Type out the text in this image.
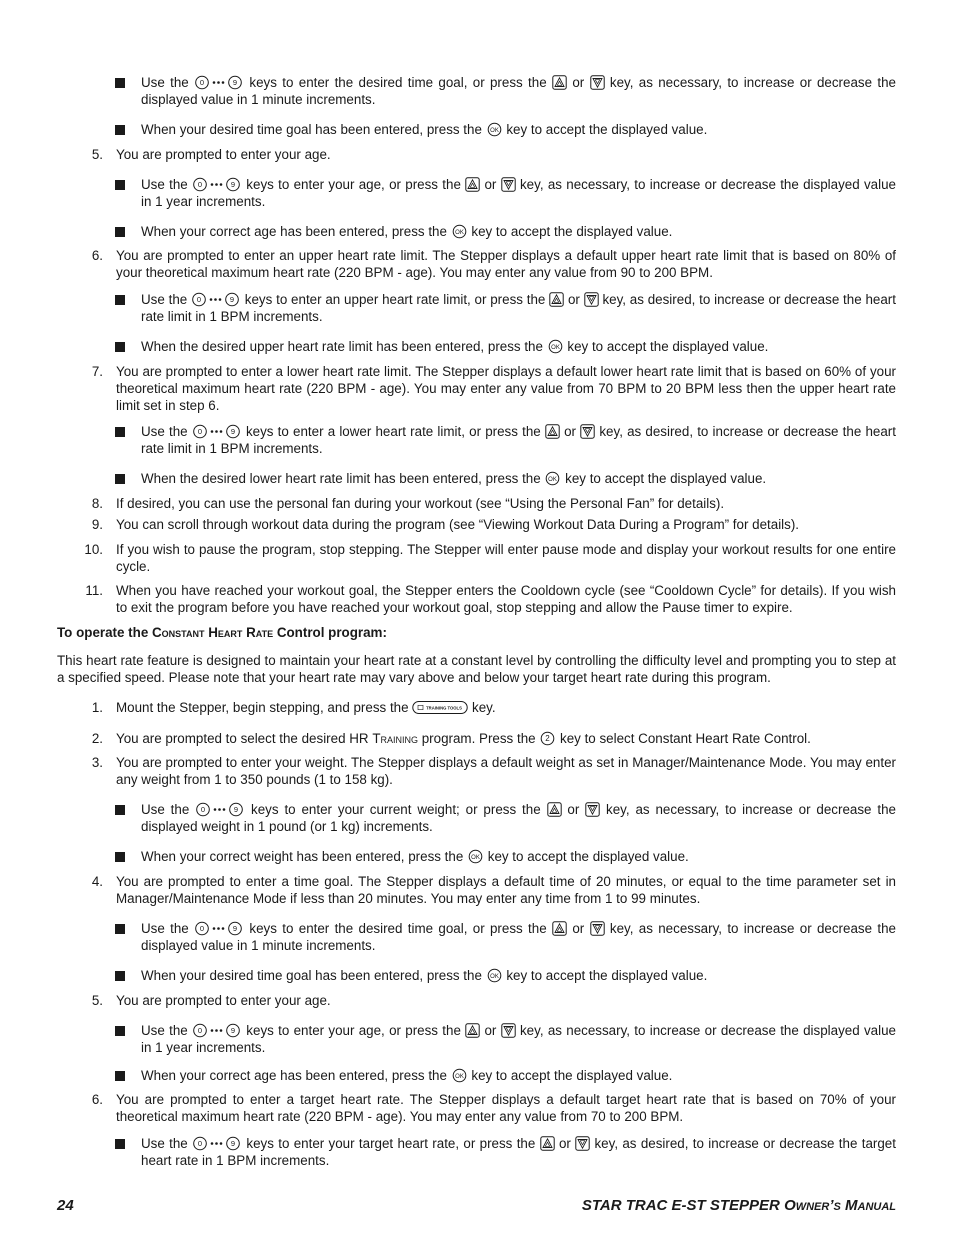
Use the 0	9 keys to enter the desired time goal, or press the  or  key, as necessary, to increase or decrease the displayed value in 1 minute increments.
When your desired time goal has been entered, press the OK key to accept the displayed value.
5. You are prompted to enter your age.
Use the 0	9 keys to enter your age, or press the  or  key, as necessary, to increase or decrease the displayed value in 1 year increments.
When your correct age has been entered, press the OK key to accept the displayed value.
6. You are prompted to enter an upper heart rate limit. The Stepper displays a default upper heart rate limit that is based on 80% of your theoretical maximum heart rate (220 BPM - age). You may enter any value from 90 to 200 BPM.
Use the 0	9 keys to enter an upper heart rate limit, or press the  or  key, as desired, to increase or decrease the heart rate limit in 1 BPM increments.
When the desired upper heart rate limit has been entered, press the OK key to accept the displayed value.
7. You are prompted to enter a lower heart rate limit. The Stepper displays a default lower heart rate limit that is based on 60% of your theoretical maximum heart rate (220 BPM - age). You may enter any value from 70 BPM to 20 BPM less then the upper heart rate limit set in step 6.
Use the 0	9 keys to enter a lower heart rate limit, or press the  or  key, as desired, to increase or decrease the heart rate limit in 1 BPM increments.
When the desired lower heart rate limit has been entered, press the OK key to accept the displayed value.
8. If desired, you can use the personal fan during your workout (see “Using the Personal Fan” for details).
9. You can scroll through workout data during the program (see “Viewing Workout Data During a Program” for details).
10. If you wish to pause the program, stop stepping. The Stepper will enter pause mode and display your workout results for one entire cycle.
11. When you have reached your workout goal, the Stepper enters the Cooldown cycle (see “Cooldown Cycle” for details). If you wish to exit the program before you have reached your workout goal, stop stepping and allow the Pause timer to expire.
To operate the Constant Heart Rate Control program:
This heart rate feature is designed to maintain your heart rate at a constant level by controlling the difficulty level and prompting you to step at a specified speed. Please note that your heart rate may vary above and below your target heart rate during this program.
1. Mount the Stepper, begin stepping, and press the	TRAINING TOOLS key.
2. You are prompted to select the desired HR Training program. Press the 2 key to select Constant Heart Rate Control.
3. You are prompted to enter your weight. The Stepper displays a default weight as set in Manager/Maintenance Mode. You may enter any weight from 1 to 350 pounds (1 to 158 kg).
Use the 0	9 keys to enter your current weight; or press the  or  key, as necessary, to increase or decrease the displayed weight in 1 pound (or 1 kg) increments.
When your correct weight has been entered, press the OK key to accept the displayed value.
4. You are prompted to enter a time goal. The Stepper displays a default time of 20 minutes, or equal to the time parameter set in Manager/Maintenance Mode if less than 20 minutes. You may enter any time from 1 to 99 minutes.
Use the 0	9 keys to enter the desired time goal, or press the  or  key, as necessary, to increase or decrease the displayed value in 1 minute increments.
When your desired time goal has been entered, press the OK key to accept the displayed value.
5. You are prompted to enter your age.
Use the 0	9 keys to enter your age, or press the  or  key, as necessary, to increase or decrease the displayed value in 1 year increments.
When your correct age has been entered, press the OK key to accept the displayed value.
6. You are prompted to enter a target heart rate. The Stepper displays a default target heart rate that is based on 70% of your theoretical maximum heart rate (220 BPM - age). You may enter any value from 70 to 200 BPM.
Use the 0	9 keys to enter your target heart rate, or press the  or  key, as desired, to increase or decrease the target heart rate in 1 BPM increments.
24	STAR TRAC E-ST STEPPER Owner’s Manual
